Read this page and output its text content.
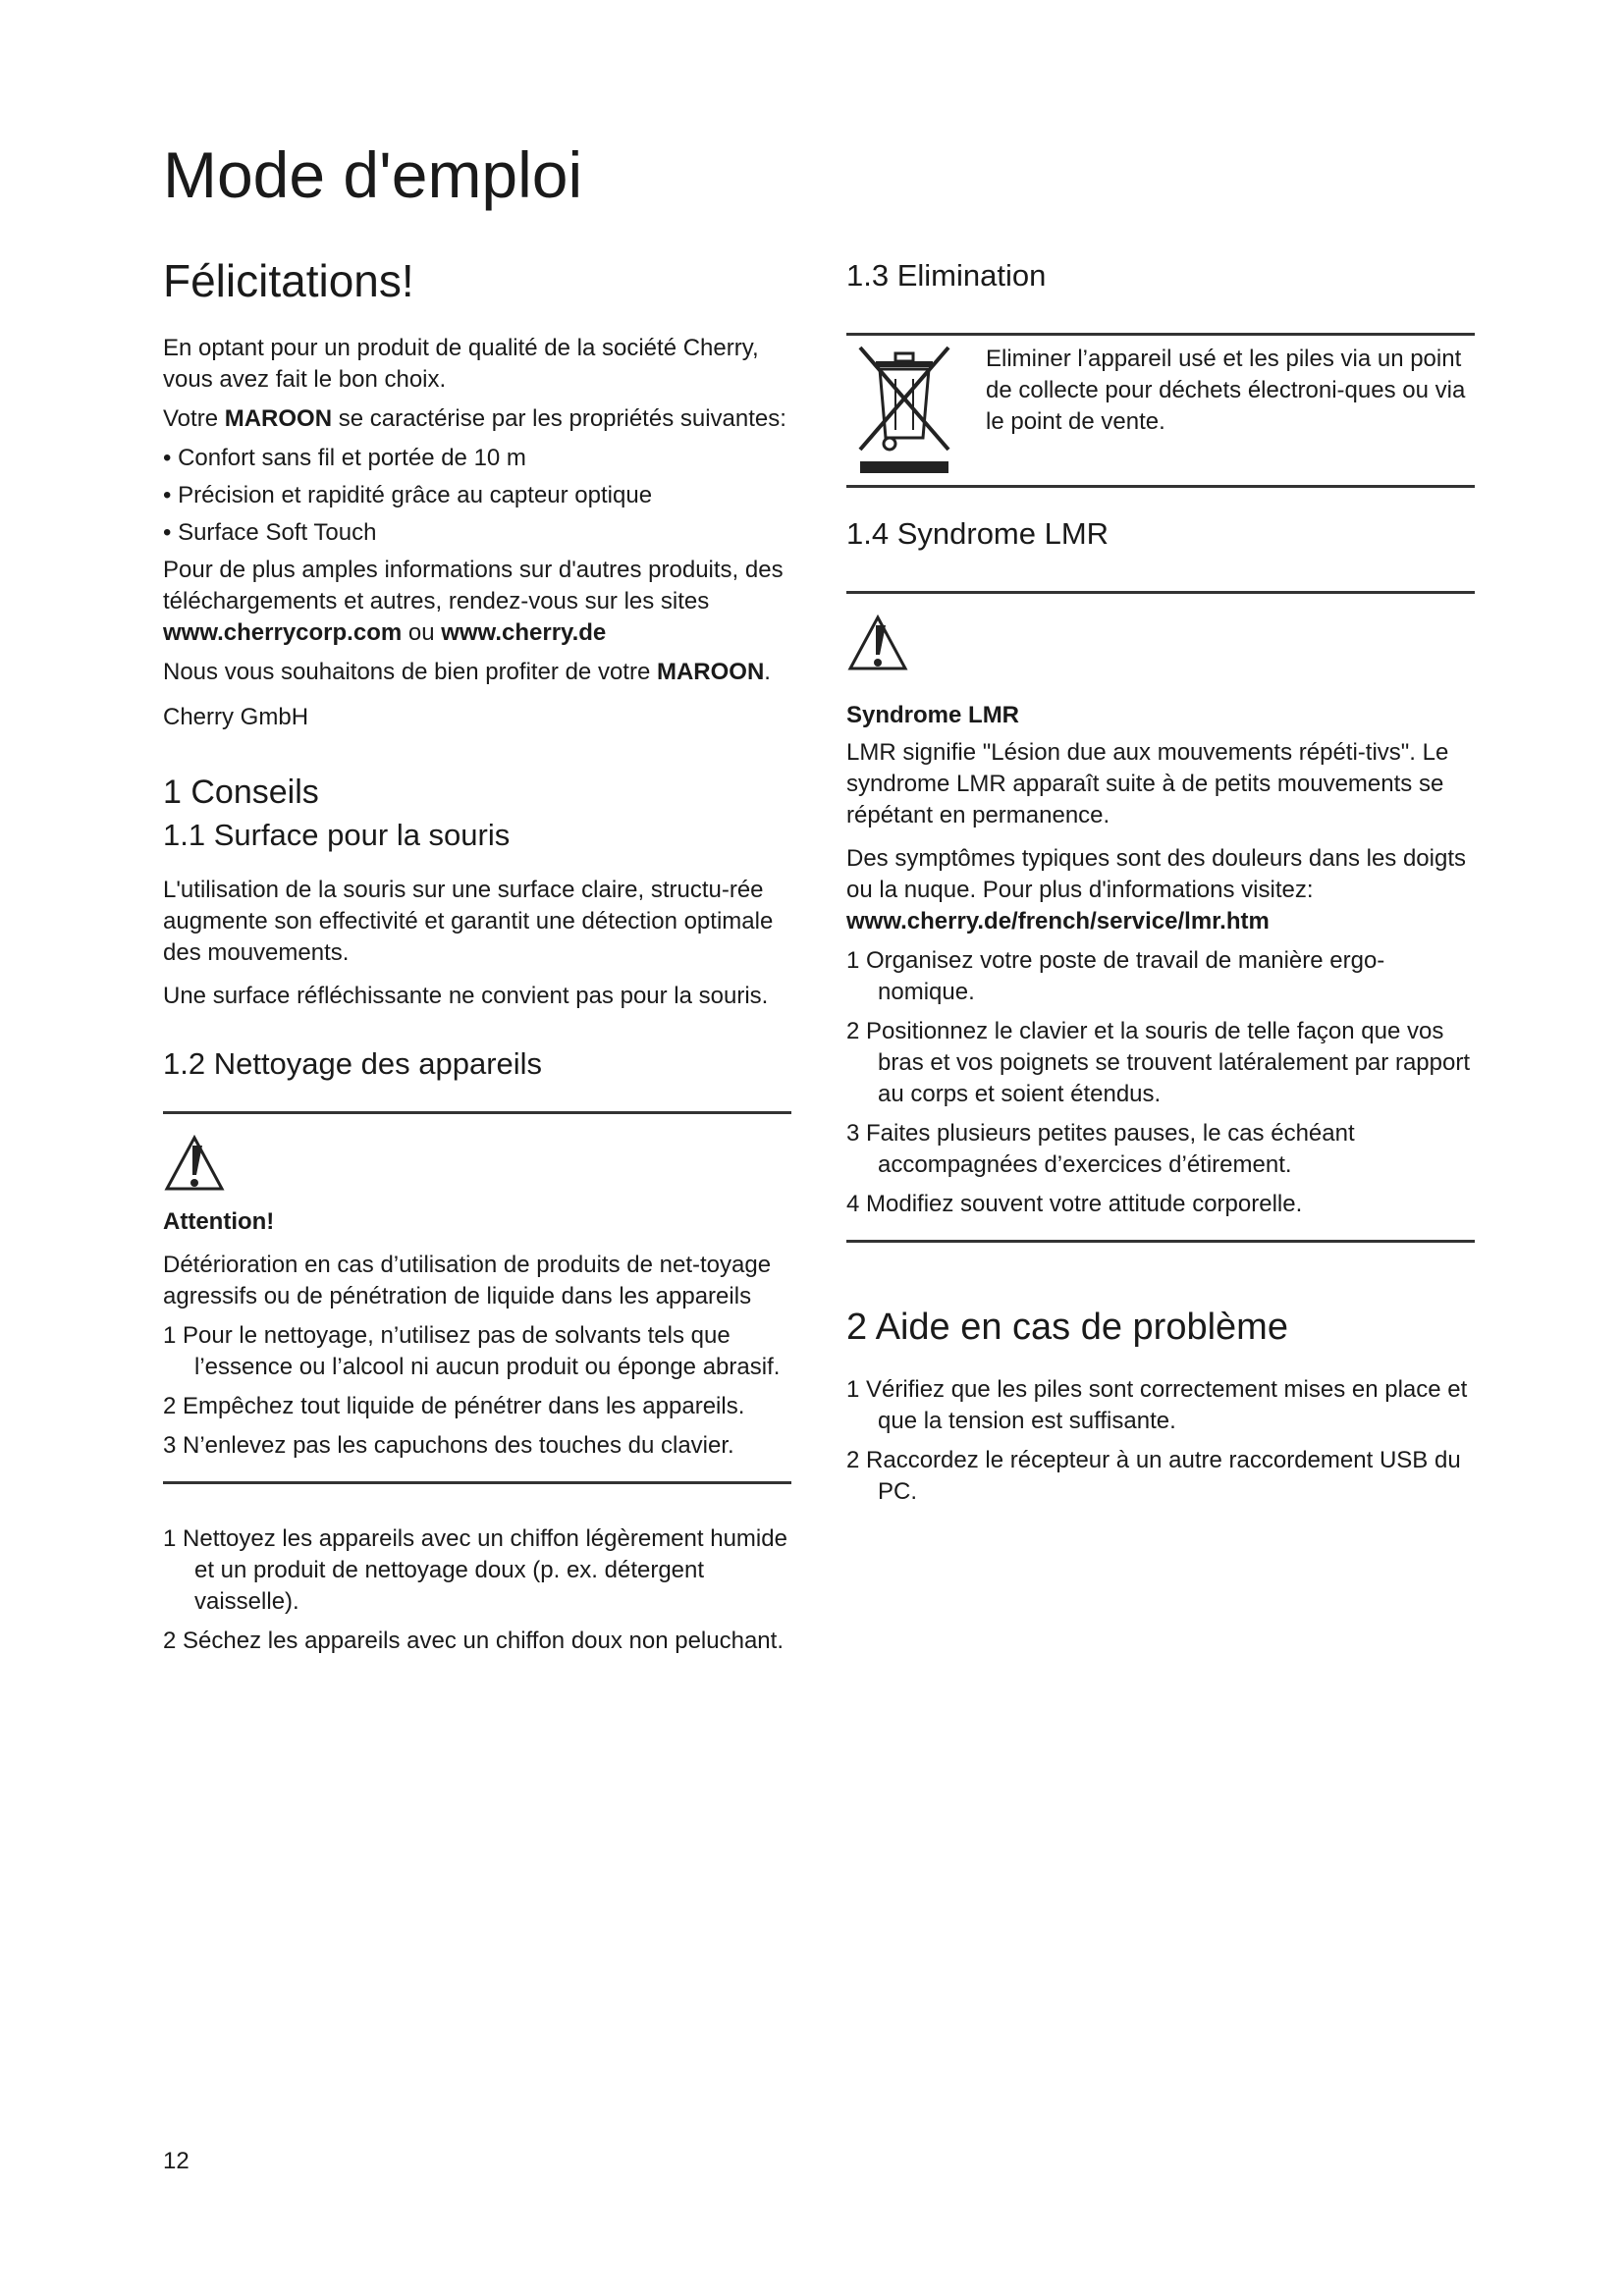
Mode d'emploi
Félicitations!

En optant pour un produit de qualité de la société Cherry, vous avez fait le bon choix.

Votre MAROON se caractérise par les propriétés suivantes:

• Confort sans fil et portée de 10 m
• Précision et rapidité grâce au capteur optique
• Surface Soft Touch

Pour de plus amples informations sur d'autres produits, des téléchargements et autres, rendez-vous sur les sites www.cherrycorp.com ou www.cherry.de

Nous vous souhaitons de bien profiter de votre MAROON.

Cherry GmbH

1 Conseils
1.1 Surface pour la souris

L'utilisation de la souris sur une surface claire, structu-rée augmente son effectivité et garantit une détection optimale des mouvements.

Une surface réfléchissante ne convient pas pour la souris.

1.2 Nettoyage des appareils

Attention!

Détérioration en cas d’utilisation de produits de net-toyage agressifs ou de pénétration de liquide dans les appareils

1 Pour le nettoyage, n’utilisez pas de solvants tels que l’essence ou l’alcool ni aucun produit ou éponge abrasif.
2 Empêchez tout liquide de pénétrer dans les appareils.
3 N’enlevez pas les capuchons des touches du clavier.
1 Nettoyez les appareils avec un chiffon légèrement humide et un produit de nettoyage doux (p. ex. détergent vaisselle).
2 Séchez les appareils avec un chiffon doux non peluchant.
1.3 Elimination

Eliminer l’appareil usé et les piles via un point de collecte pour déchets électroni-ques ou via le point de vente.

1.4 Syndrome LMR

Syndrome LMR

LMR signifie "Lésion due aux mouvements répéti-tivs". Le syndrome LMR apparaît suite à de petits mouvements se répétant en permanence.

Des symptômes typiques sont des douleurs dans les doigts ou la nuque. Pour plus d'informations visitez: www.cherry.de/french/service/lmr.htm

1 Organisez votre poste de travail de manière ergo-nomique.
2 Positionnez le clavier et la souris de telle façon que vos bras et vos poignets se trouvent latéralement par rapport au corps et soient étendus.
3 Faites plusieurs petites pauses, le cas échéant accompagnées d’exercices d’étirement.
4 Modifiez souvent votre attitude corporelle.
2 Aide en cas de problème
1 Vérifiez que les piles sont correctement mises en place et que la tension est suffisante.
2 Raccordez le récepteur à un autre raccordement USB du PC.
12
